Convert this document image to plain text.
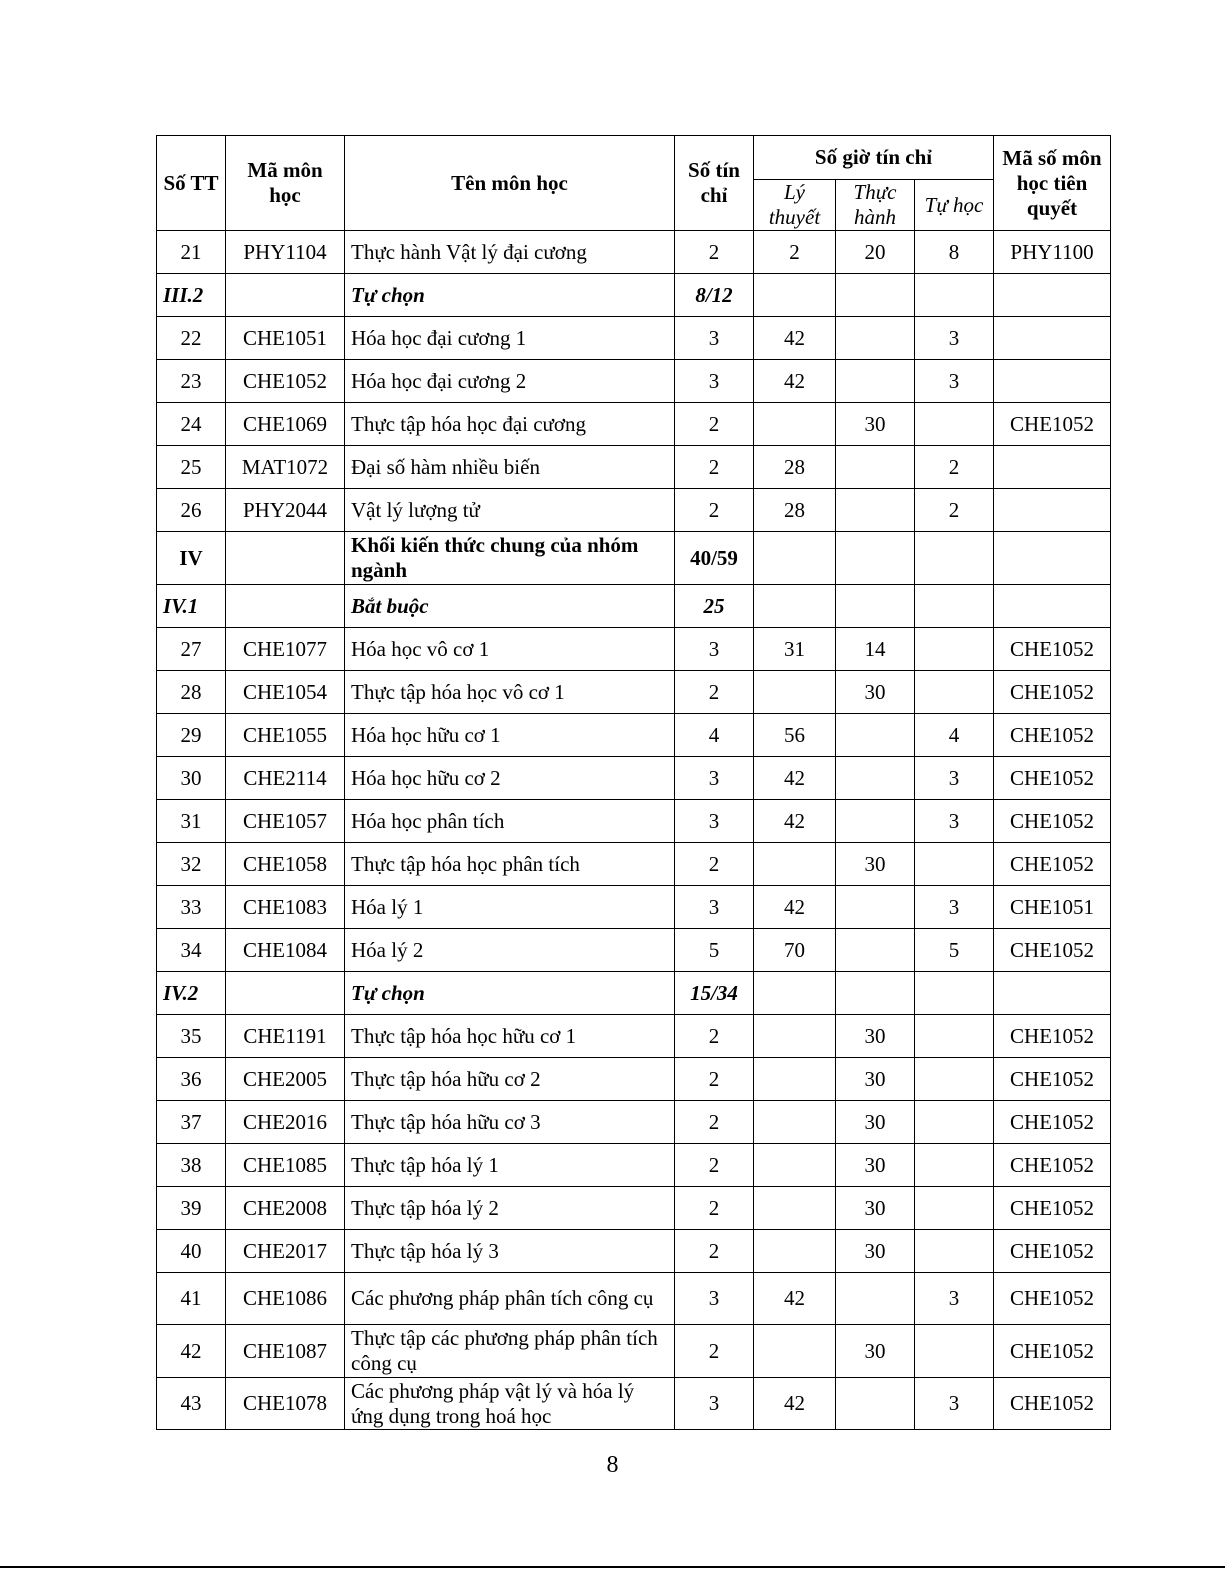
Số TT	Mã môn học	Tên môn học	Số tín chỉ	Số giờ tín chỉ			Mã số môn học tiên quyết
				Lý thuyết	Thực hành	Tự học	
21	PHY1104	Thực hành Vật lý đại cương	2	2	20	8	PHY1100
III.2		Tự chọn	8/12				
22	CHE1051	Hóa học đại cương 1	3	42		3	
23	CHE1052	Hóa học đại cương 2	3	42		3	
24	CHE1069	Thực tập hóa học đại cương	2		30		CHE1052
25	MAT1072	Đại số hàm nhiều biến	2	28		2	
26	PHY2044	Vật lý lượng tử	2	28		2	
IV		Khối kiến thức chung của nhóm ngành	40/59				
IV.1		Bắt buộc	25				
27	CHE1077	Hóa học vô cơ 1	3	31	14		CHE1052
28	CHE1054	Thực tập hóa học vô cơ 1	2		30		CHE1052
29	CHE1055	Hóa học hữu cơ 1	4	56		4	CHE1052
30	CHE2114	Hóa học hữu cơ 2	3	42		3	CHE1052
31	CHE1057	Hóa học phân tích	3	42		3	CHE1052
32	CHE1058	Thực tập hóa học phân tích	2		30		CHE1052
33	CHE1083	Hóa lý 1	3	42		3	CHE1051
34	CHE1084	Hóa lý 2	5	70		5	CHE1052
IV.2		Tự chọn	15/34				
35	CHE1191	Thực tập hóa học hữu cơ 1	2		30		CHE1052
36	CHE2005	Thực tập hóa hữu cơ 2	2		30		CHE1052
37	CHE2016	Thực tập hóa hữu cơ 3	2		30		CHE1052
38	CHE1085	Thực tập hóa lý 1	2		30		CHE1052
39	CHE2008	Thực tập hóa lý 2	2		30		CHE1052
40	CHE2017	Thực tập hóa lý 3	2		30		CHE1052
41	CHE1086	Các phương pháp phân tích công cụ	3	42		3	CHE1052
42	CHE1087	Thực tập các phương pháp phân tích công cụ	2		30		CHE1052
43	CHE1078	Các phương pháp vật lý và hóa lý ứng dụng trong hoá học	3	42		3	CHE1052
8
